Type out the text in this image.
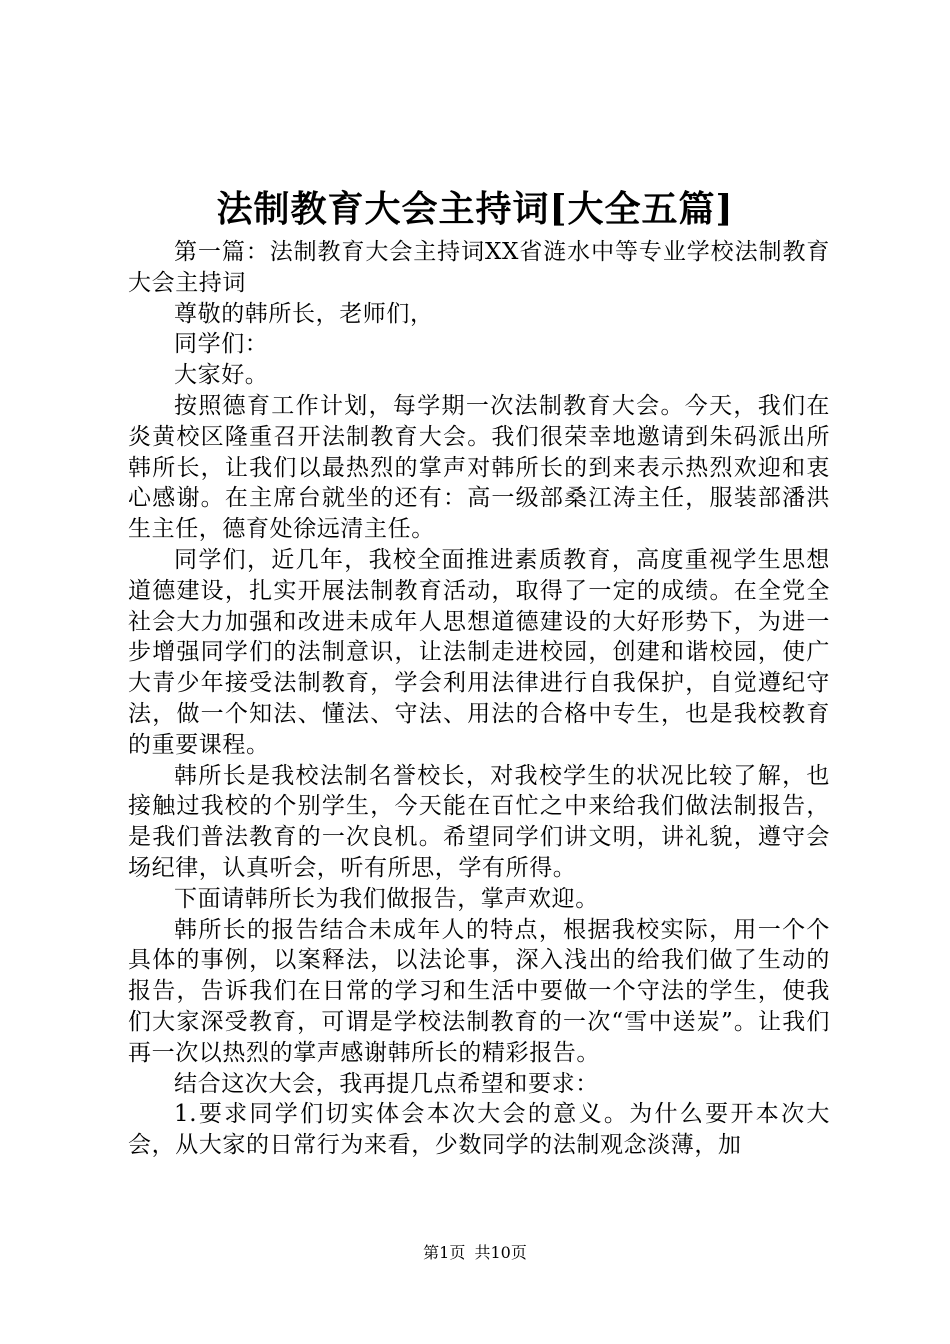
法制教育大会主持词[大全五篇]

第一篇：法制教育大会主持词XX省涟水中等专业学校法制教育大会主持词

尊敬的韩所长，老师们，

同学们：

大家好。

按照德育工作计划，每学期一次法制教育大会。今天，我们在炎黄校区隆重召开法制教育大会。我们很荣幸地邀请到朱码派出所韩所长，让我们以最热烈的掌声对韩所长的到来表示热烈欢迎和衷心感谢。在主席台就坐的还有：高一级部桑江涛主任，服装部潘洪生主任，德育处徐远清主任。

同学们，近几年，我校全面推进素质教育，高度重视学生思想道德建设，扎实开展法制教育活动，取得了一定的成绩。在全党全社会大力加强和改进未成年人思想道德建设的大好形势下，为进一步增强同学们的法制意识，让法制走进校园，创建和谐校园，使广大青少年接受法制教育，学会利用法律进行自我保护，自觉遵纪守法，做一个知法、懂法、守法、用法的合格中专生，也是我校教育的重要课程。

韩所长是我校法制名誉校长，对我校学生的状况比较了解，也接触过我校的个别学生，今天能在百忙之中来给我们做法制报告，是我们普法教育的一次良机。希望同学们讲文明，讲礼貌，遵守会场纪律，认真听会，听有所思，学有所得。

下面请韩所长为我们做报告，掌声欢迎。

韩所长的报告结合未成年人的特点，根据我校实际，用一个个具体的事例，以案释法，以法论事，深入浅出的给我们做了生动的报告，告诉我们在日常的学习和生活中要做一个守法的学生，使我们大家深受教育，可谓是学校法制教育的一次“雪中送炭”。让我们再一次以热烈的掌声感谢韩所长的精彩报告。

结合这次大会，我再提几点希望和要求：

1.要求同学们切实体会本次大会的意义。为什么要开本次大会，从大家的日常行为来看，少数同学的法制观念淡薄，加

第1页 共10页
